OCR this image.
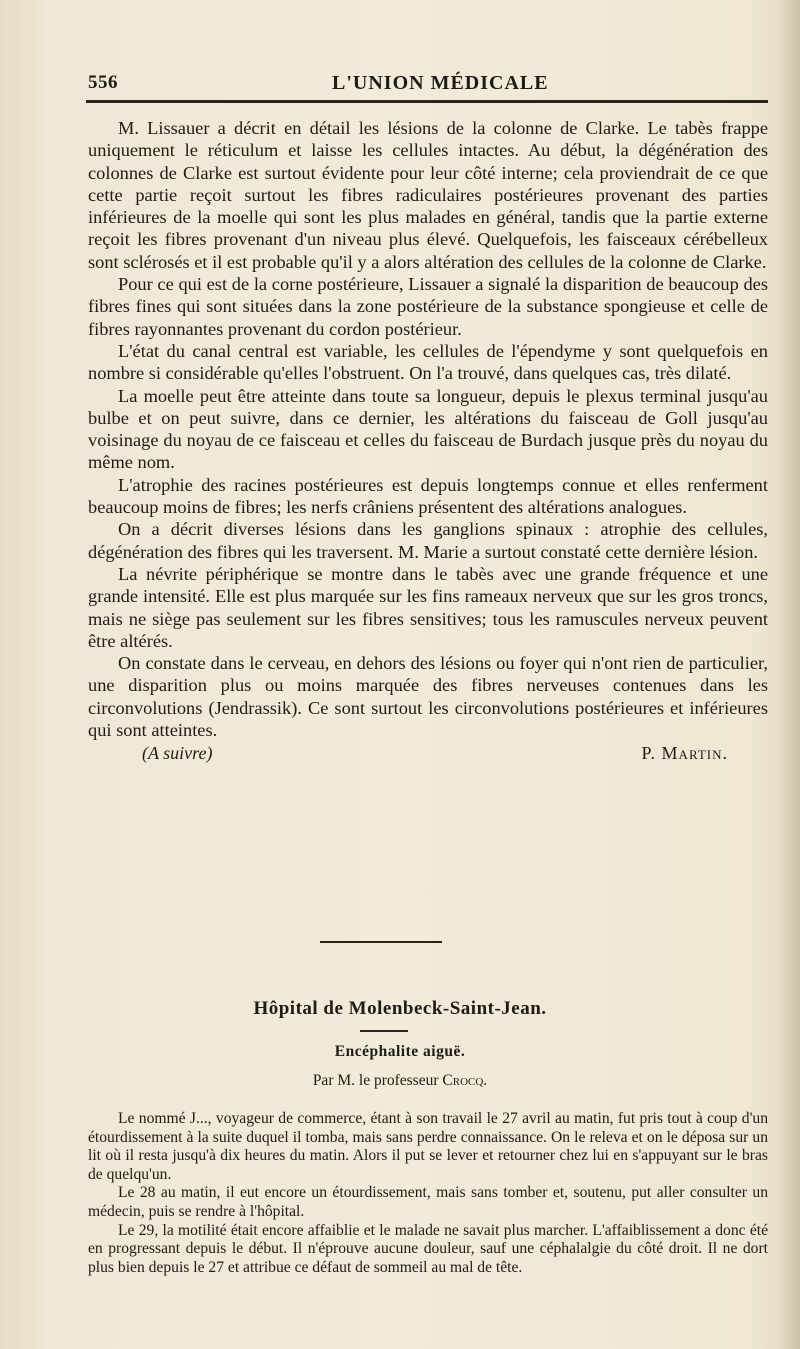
556	L'UNION MÉDICALE

M. Lissauer a décrit en détail les lésions de la colonne de Clarke. Le tabès frappe uniquement le réticulum et laisse les cellules intactes. Au début, la dégénération des colonnes de Clarke est surtout évidente pour leur côté interne; cela proviendrait de ce que cette partie reçoit surtout les fibres radiculaires postérieures provenant des parties inférieures de la moelle qui sont les plus malades en général, tandis que la partie externe reçoit les fibres provenant d'un niveau plus élevé. Quelquefois, les faisceaux cérébelleux sont sclérosés et il est probable qu'il y a alors altération des cellules de la colonne de Clarke.

Pour ce qui est de la corne postérieure, Lissauer a signalé la disparition de beaucoup des fibres fines qui sont situées dans la zone postérieure de la substance spongieuse et celle de fibres rayonnantes provenant du cordon postérieur.

L'état du canal central est variable, les cellules de l'épendyme y sont quelquefois en nombre si considérable qu'elles l'obstruent. On l'a trouvé, dans quelques cas, très dilaté.

La moelle peut être atteinte dans toute sa longueur, depuis le plexus terminal jusqu'au bulbe et on peut suivre, dans ce dernier, les altérations du faisceau de Goll jusqu'au voisinage du noyau de ce faisceau et celles du faisceau de Burdach jusque près du noyau du même nom.

L'atrophie des racines postérieures est depuis longtemps connue et elles renferment beaucoup moins de fibres; les nerfs crâniens présentent des altérations analogues.

On a décrit diverses lésions dans les ganglions spinaux : atrophie des cellules, dégénération des fibres qui les traversent. M. Marie a surtout constaté cette dernière lésion.

La névrite périphérique se montre dans le tabès avec une grande fréquence et une grande intensité. Elle est plus marquée sur les fins rameaux nerveux que sur les gros troncs, mais ne siège pas seulement sur les fibres sensitives; tous les ramuscules nerveux peuvent être altérés.

On constate dans le cerveau, en dehors des lésions ou foyer qui n'ont rien de particulier, une disparition plus ou moins marquée des fibres nerveuses contenues dans les circonvolutions (Jendrassik). Ce sont surtout les circonvolutions postérieures et inférieures qui sont atteintes.

(A suivre)	P. Martin.
Hôpital de Molenbeck-Saint-Jean.
Encéphalite aiguë.
Par M. le professeur Crocq.

Le nommé J..., voyageur de commerce, étant à son travail le 27 avril au matin, fut pris tout à coup d'un étourdissement à la suite duquel il tomba, mais sans perdre connaissance. On le releva et on le déposa sur un lit où il resta jusqu'à dix heures du matin. Alors il put se lever et retourner chez lui en s'appuyant sur le bras de quelqu'un.

Le 28 au matin, il eut encore un étourdissement, mais sans tomber et, soutenu, put aller consulter un médecin, puis se rendre à l'hôpital.

Le 29, la motilité était encore affaiblie et le malade ne savait plus marcher. L'affaiblissement a donc été en progressant depuis le début. Il n'éprouve aucune douleur, sauf une céphalalgie du côté droit. Il ne dort plus bien depuis le 27 et attribue ce défaut de sommeil au mal de tête.
